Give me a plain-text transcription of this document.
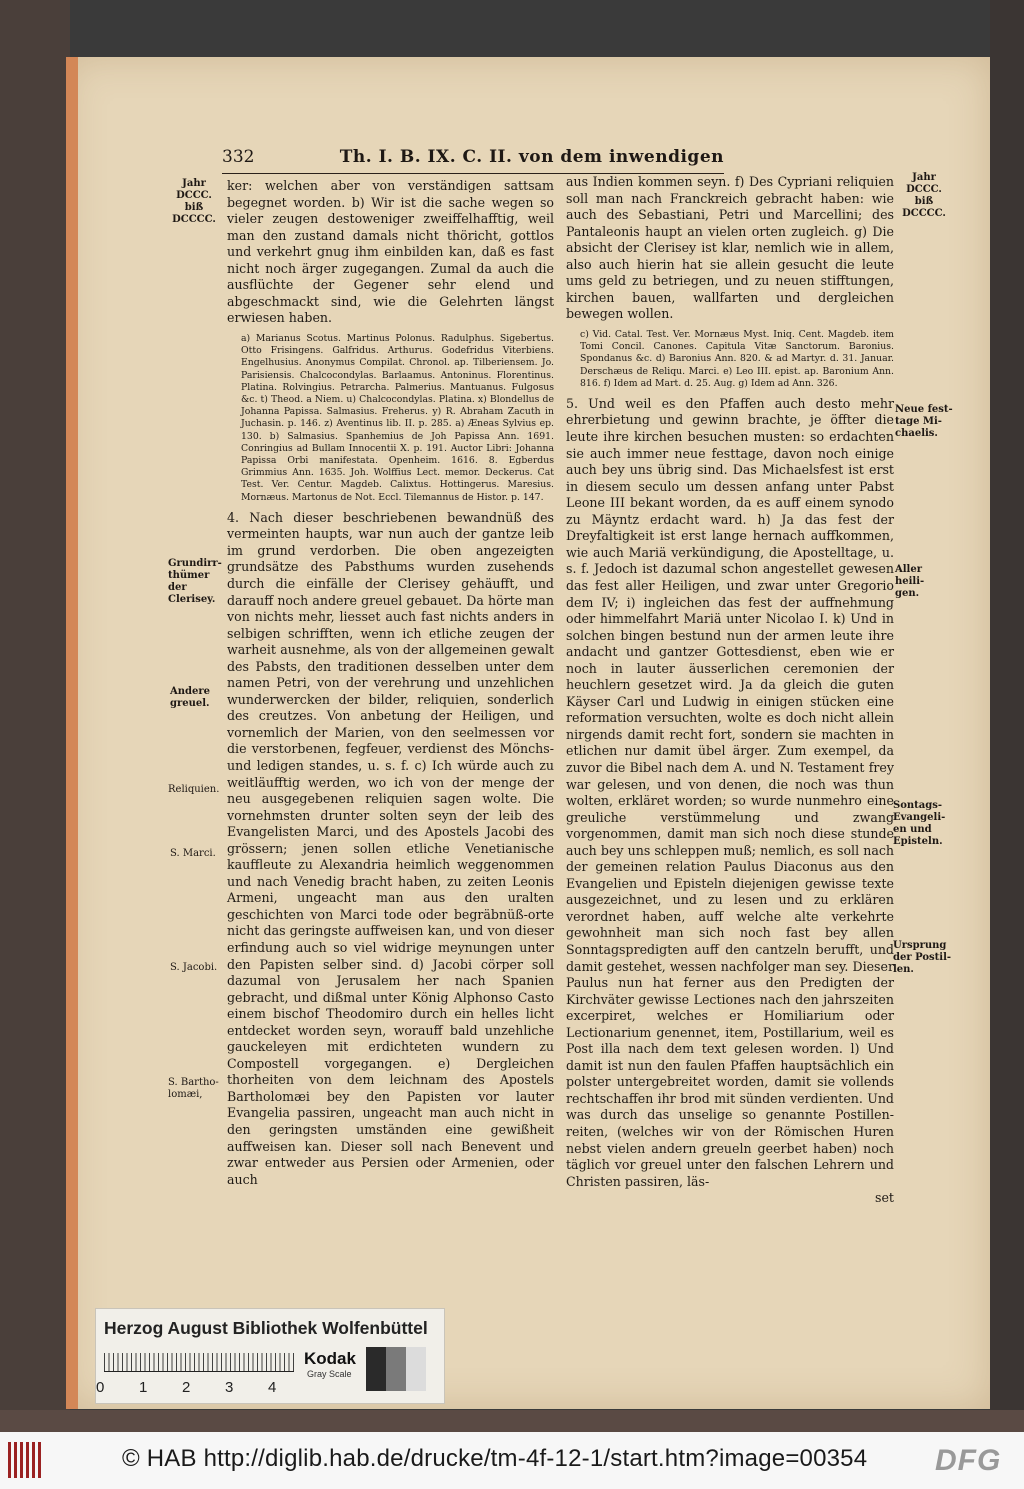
332	Th. I. B. IX. C. II. von dem inwendigen
Jahr
DCCC.
biß
DCCCC.
Jahr
DCCC.
biß
DCCCC.
Grundirr-
thümer der
Clerisey.
Andere
greuel.
Reliquien.
S. Marci.
S. Jacobi.
S. Bartho-
lomæi,
Neue fest-
tage Mi-
chaelis.
Aller heili-
gen.
Sontags-
Evangeli-
en und
Episteln.
Ursprung
der Postil-
len.

ker: welchen aber von verständigen sattsam begegnet worden. b) Wir ist die sache wegen so vieler zeugen destoweniger zweiffelhafftig, weil man den zustand damals nicht thöricht, gottlos und verkehrt gnug ihm einbilden kan, daß es fast nicht noch ärger zugegangen. Zumal da auch die ausflüchte der Gegener sehr elend und abgeschmackt sind, wie die Gelehrten längst erwiesen haben.

a) Marianus Scotus. Martinus Polonus. Radulphus. Sigebertus. Otto Frisingens. Galfridus. Arthurus. Godefridus Viterbiens. Engelhusius. Anonymus Compilat. Chronol. ap. Tilberiensem. Jo. Parisiensis. Chalcocondylas. Barlaamus. Antoninus. Florentinus. Platina. Rolvingius. Petrarcha. Palmerius. Mantuanus. Fulgosus &c. t) Theod. a Niem. u) Chalcocondylas. Platina. x) Blondellus de Johanna Papissa. Salmasius. Freherus. y) R. Abraham Zacuth in Juchasin. p. 146. z) Aventinus lib. II. p. 285. a) Æneas Sylvius ep. 130. b) Salmasius. Spanhemius de Joh Papissa Ann. 1691. Conringius ad Bullam Innocentii X. p. 191. Auctor Libri: Johanna Papissa Orbi manifestata. Openheim. 1616. 8. Egberdus Grimmius Ann. 1635. Joh. Wolffius Lect. memor. Deckerus. Cat Test. Ver. Centur. Magdeb. Calixtus. Hottingerus. Maresius. Mornæus. Martonus de Not. Eccl. Tilemannus de Histor. p. 147.

4. Nach dieser beschriebenen bewandnüß des vermeinten haupts, war nun auch der gantze leib im grund verdorben. Die oben angezeigten grundsätze des Pabsthums wurden zusehends durch die einfälle der Clerisey gehäufft, und darauff noch andere greuel gebauet. Da hörte man von nichts mehr, liesset auch fast nichts anders in selbigen schrifften, wenn ich etliche zeugen der warheit ausnehme, als von der allgemeinen gewalt des Pabsts, den traditionen desselben unter dem namen Petri, von der verehrung und unzehlichen wunderwercken der bilder, reliquien, sonderlich des creutzes. Von anbetung der Heiligen, und vornemlich der Marien, von den seelmessen vor die verstorbenen, fegfeuer, verdienst des Mönchs- und ledigen standes, u. s. f. c) Ich würde auch zu weitläufftig werden, wo ich von der menge der neu ausgegebenen reliquien sagen wolte. Die vornehmsten drunter solten seyn der leib des Evangelisten Marci, und des Apostels Jacobi des grössern; jenen sollen etliche Venetianische kauffleute zu Alexandria heimlich weggenommen und nach Venedig bracht haben, zu zeiten Leonis Armeni, ungeacht man aus den uralten geschichten von Marci tode oder begräbnüß-orte nicht das geringste auffweisen kan, und von dieser erfindung auch so viel widrige meynungen unter den Papisten selber sind. d) Jacobi cörper soll dazumal von Jerusalem her nach Spanien gebracht, und dißmal unter König Alphonso Casto einem bischof Theodomiro durch ein helles licht entdecket worden seyn, worauff bald unzehliche gauckeleyen mit erdichteten wundern zu Compostell vorgegangen. e) Dergleichen thorheiten von dem leichnam des Apostels Bartholomæi bey den Papisten vor lauter Evangelia passiren, ungeacht man auch nicht in den geringsten umständen eine gewißheit auffweisen kan. Dieser soll nach Benevent und zwar entweder aus Persien oder Armenien, oder auch

aus Indien kommen seyn. f) Des Cypriani reliquien soll man nach Franckreich gebracht haben: wie auch des Sebastiani, Petri und Marcellini; des Pantaleonis haupt an vielen orten zugleich. g) Die absicht der Clerisey ist klar, nemlich wie in allem, also auch hierin hat sie allein gesucht die leute ums geld zu betriegen, und zu neuen stifftungen, kirchen bauen, wallfarten und dergleichen bewegen wollen.

c) Vid. Catal. Test. Ver. Mornæus Myst. Iniq. Cent. Magdeb. item Tomi Concil. Canones. Capitula Vitæ Sanctorum. Baronius. Spondanus &c. d) Baronius Ann. 820. & ad Martyr. d. 31. Januar. Derschæus de Reliqu. Marci. e) Leo III. epist. ap. Baronium Ann. 816. f) Idem ad Mart. d. 25. Aug. g) Idem ad Ann. 326.

5. Und weil es den Pfaffen auch desto mehr ehrerbietung und gewinn brachte, je öffter die leute ihre kirchen besuchen musten: so erdachten sie auch immer neue festtage, davon noch einige auch bey uns übrig sind. Das Michaelsfest ist erst in diesem seculo um dessen anfang unter Pabst Leone III bekant worden, da es auff einem synodo zu Mäyntz erdacht ward. h) Ja das fest der Dreyfaltigkeit ist erst lange hernach auffkommen, wie auch Mariä verkündigung, die Apostelltage, u. s. f. Jedoch ist dazumal schon angestellet gewesen das fest aller Heiligen, und zwar unter Gregorio dem IV; i) ingleichen das fest der auffnehmung oder himmelfahrt Mariä unter Nicolao I. k) Und in solchen bingen bestund nun der armen leute ihre andacht und gantzer Gottesdienst, eben wie er noch in lauter äusserlichen ceremonien der heuchlern gesetzet wird. Ja da gleich die guten Käyser Carl und Ludwig in einigen stücken eine reformation versuchten, wolte es doch nicht allein nirgends damit recht fort, sondern sie machten in etlichen nur damit übel ärger. Zum exempel, da zuvor die Bibel nach dem A. und N. Testament frey war gelesen, und von denen, die noch was thun wolten, erkläret worden; so wurde nunmehro eine greuliche verstümmelung und zwang vorgenommen, damit man sich noch diese stunde auch bey uns schleppen muß; nemlich, es soll nach der gemeinen relation Paulus Diaconus aus den Evangelien und Episteln diejenigen gewisse texte ausgezeichnet, und zu lesen und zu erklären verordnet haben, auff welche alte verkehrte gewohnheit man sich noch fast bey allen Sonntagspredigten auff den cantzeln berufft, und damit gestehet, wessen nachfolger man sey. Dieser Paulus nun hat ferner aus den Predigten der Kirchväter gewisse Lectiones nach den jahrszeiten excerpiret, welches er Homiliarium oder Lectionarium genennet, item, Postillarium, weil es Post illa nach dem text gelesen worden. l) Und damit ist nun den faulen Pfaffen hauptsächlich ein polster untergebreitet worden, damit sie vollends rechtschaffen ihr brod mit sünden verdienten. Und was durch das unselige so genannte Postillen-reiten, (welches wir von der Römischen Huren nebst vielen andern greueln geerbet haben) noch täglich vor greuel unter den falschen Lehrern und Christen passiren, läs-

set

Herzog August Bibliothek Wolfenbüttel
0 1 2 3 4
Kodak
Gray Scale
© HAB http://diglib.hab.de/drucke/tm-4f-12-1/start.htm?image=00354 DFG
